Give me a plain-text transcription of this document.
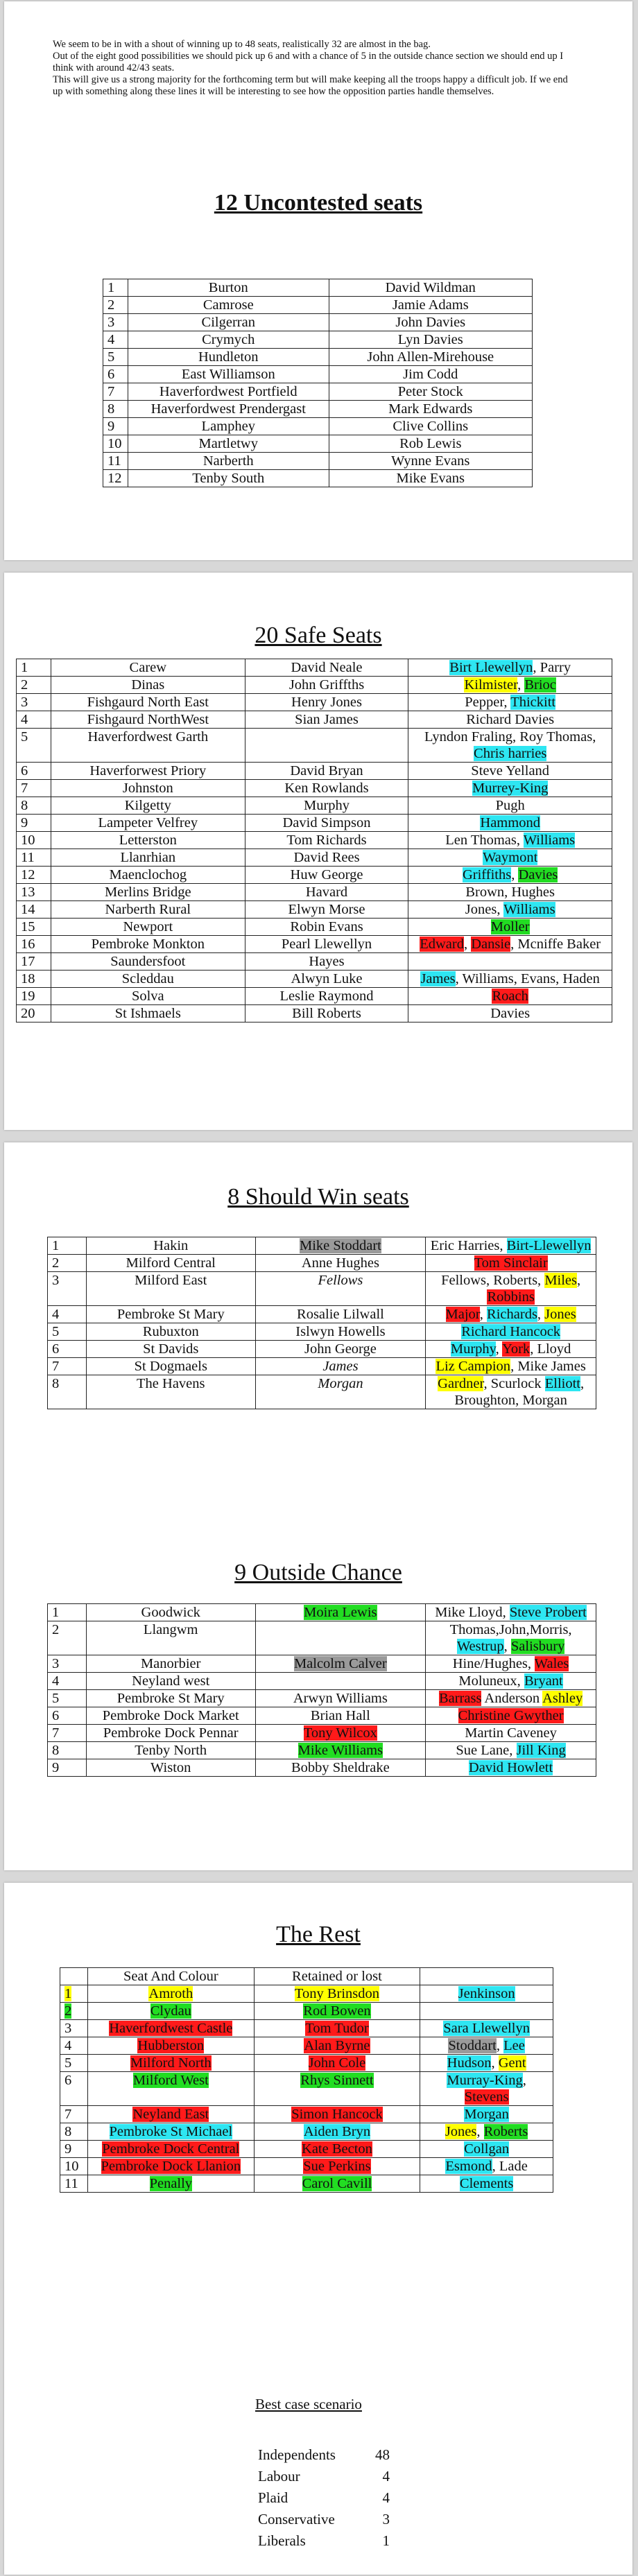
We seem to be in with a shout of winning up to 48 seats, realistically 32 are almost in the bag.

Out of the eight good possibilities we should pick up 6 and with a chance of 5 in the outside chance section we should end up I think with around 42/43 seats.

This will give us a strong majority for the forthcoming term but will make keeping all the troops happy a difficult job. If we end up with something along these lines it will be interesting to see how the opposition parties handle themselves.

12 Uncontested seats
1	Burton	David Wildman
2	Camrose	Jamie Adams
3	Cilgerran	John Davies
4	Crymych	Lyn Davies
5	Hundleton	John Allen-Mirehouse
6	East Williamson	Jim Codd
7	Haverfordwest Portfield	Peter Stock
8	Haverfordwest Prendergast	Mark Edwards
9	Lamphey	Clive Collins
10	Martletwy	Rob Lewis
11	Narberth	Wynne Evans
12	Tenby South	Mike Evans
20 Safe Seats
1	Carew	David Neale	Birt Llewellyn, Parry
2	Dinas	John Griffths	Kilmister, Brioc
3	Fishgaurd North East	Henry Jones	Pepper, Thickitt
4	Fishgaurd NorthWest	Sian James	Richard Davies
5	Haverfordwest Garth		Lyndon Fraling, Roy Thomas, Chris harries
6	Haverforwest Priory	David Bryan	Steve Yelland
7	Johnston	Ken Rowlands	Murrey-King
8	Kilgetty	Murphy	Pugh
9	Lampeter Velfrey	David Simpson	Hammond
10	Letterston	Tom Richards	Len Thomas, Williams
11	Llanrhian	David Rees	Waymont
12	Maenclochog	Huw George	Griffiths, Davies
13	Merlins Bridge	Havard	Brown, Hughes
14	Narberth Rural	Elwyn Morse	Jones, Williams
15	Newport	Robin Evans	Moller
16	Pembroke Monkton	Pearl Llewellyn	Edward, Dansie, Mcniffe Baker
17	Saundersfoot	Hayes	
18	Scleddau	Alwyn Luke	James, Williams, Evans, Haden
19	Solva	Leslie Raymond	Roach
20	St Ishmaels	Bill Roberts	Davies
8 Should Win seats
1	Hakin	Mike Stoddart	Eric Harries, Birt-Llewellyn
2	Milford Central	Anne Hughes	Tom Sinclair
3	Milford East	Fellows	Fellows, Roberts, Miles, Robbins
4	Pembroke St Mary	Rosalie Lilwall	Major, Richards, Jones
5	Rubuxton	Islwyn Howells	Richard Hancock
6	St Davids	John George	Murphy, York, Lloyd
7	St Dogmaels	James	Liz Campion, Mike James
8	The Havens	Morgan	Gardner, Scurlock Elliott, Broughton, Morgan
9 Outside Chance
1	Goodwick	Moira Lewis	Mike Lloyd, Steve Probert
2	Llangwm		Thomas,John,Morris, Westrup, Salisbury
3	Manorbier	Malcolm Calver	Hine/Hughes, Wales
4	Neyland west		Moluneux, Bryant
5	Pembroke St Mary	Arwyn Williams	Barrass Anderson Ashley
6	Pembroke Dock Market	Brian Hall	Christine Gwyther
7	Pembroke Dock Pennar	Tony Wilcox	Martin Caveney
8	Tenby North	Mike Williams	Sue Lane, Jill King
9	Wiston	Bobby Sheldrake	David Howlett
The Rest
	Seat And Colour	Retained or lost	
1	Amroth	Tony Brinsdon	Jenkinson
2	Clydau	Rod Bowen	
3	Haverfordwest Castle	Tom Tudor	Sara Llewellyn
4	Hubberston	Alan Byrne	Stoddart, Lee
5	Milford North	John Cole	Hudson, Gent
6	Milford West	Rhys Sinnett	Murray-King, Stevens
7	Neyland East	Simon Hancock	Morgan
8	Pembroke St Michael	Aiden Bryn	Jones, Roberts
9	Pembroke Dock Central	Kate Becton	Collgan
10	Pembroke Dock Llanion	Sue Perkins	Esmond, Lade
11	Penally	Carol Cavill	Clements
Best case scenario
Independents	48
Labour	4
Plaid	4
Conservative	3
Liberals	1
